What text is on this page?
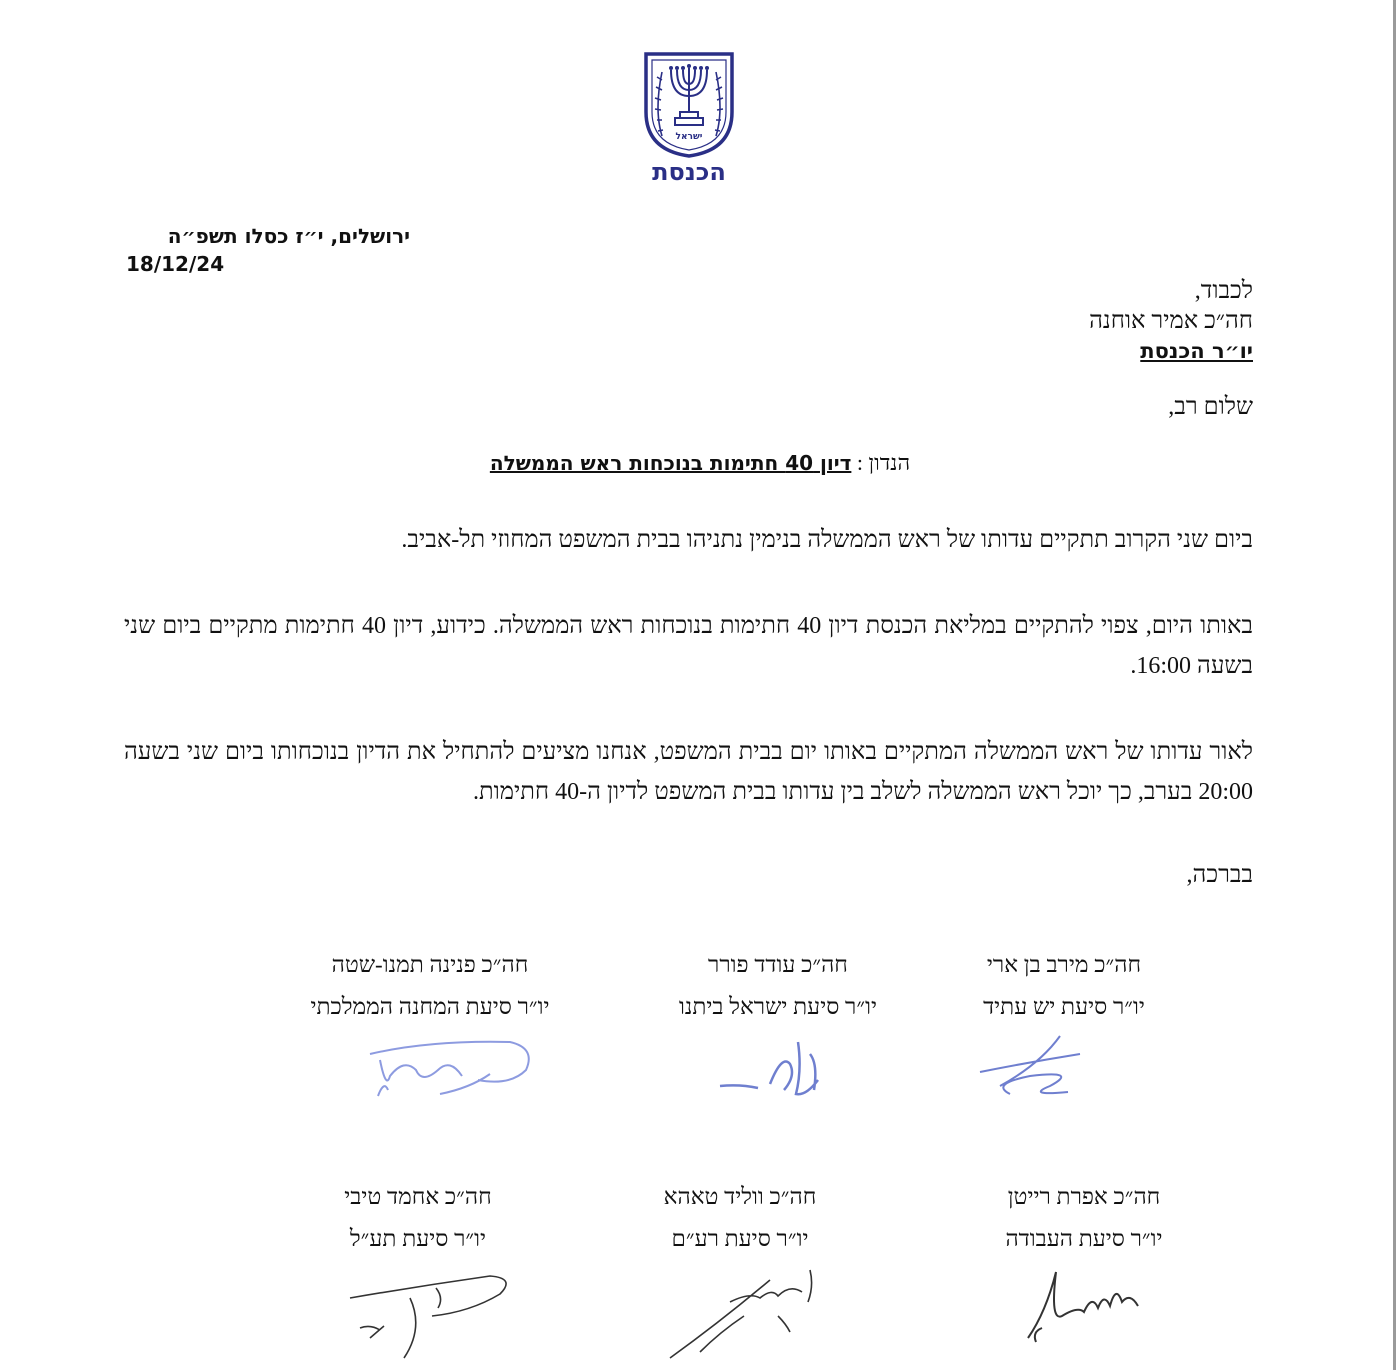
ישראל
הכנסת
ירושלים, י״ז כסלו תשפ״ה
18/12/24
לכבוד,
חה״כ אמיר אוחנה
יו״ר הכנסת
שלום רב,
הנדון : דיון 40 חתימות בנוכחות ראש הממשלה
ביום שני הקרוב תתקיים עדותו של ראש הממשלה בנימין נתניהו בבית המשפט המחוזי תל-אביב.
באותו היום, צפוי להתקיים במליאת הכנסת דיון 40 חתימות בנוכחות ראש הממשלה. כידוע, דיון 40 חתימות מתקיים ביום שני בשעה 16:00.
לאור עדותו של ראש הממשלה המתקיים באותו יום בבית המשפט, אנחנו מציעים להתחיל את הדיון בנוכחותו ביום שני בשעה 20:00 בערב, כך יוכל ראש הממשלה לשלב בין עדותו בבית המשפט לדיון ה-40 חתימות.
בברכה,
חה״כ מירב בן ארי
יו״ר סיעת יש עתיד
חה״כ עודד פורר
יו״ר סיעת ישראל ביתנו
חה״כ פנינה תמנו-שטה
יו״ר סיעת המחנה הממלכתי
חה״כ אפרת רייטן
יו״ר סיעת העבודה
חה״כ ווליד טאהא
יו״ר סיעת רע״ם
חה״כ אחמד טיבי
יו״ר סיעת תע״ל
